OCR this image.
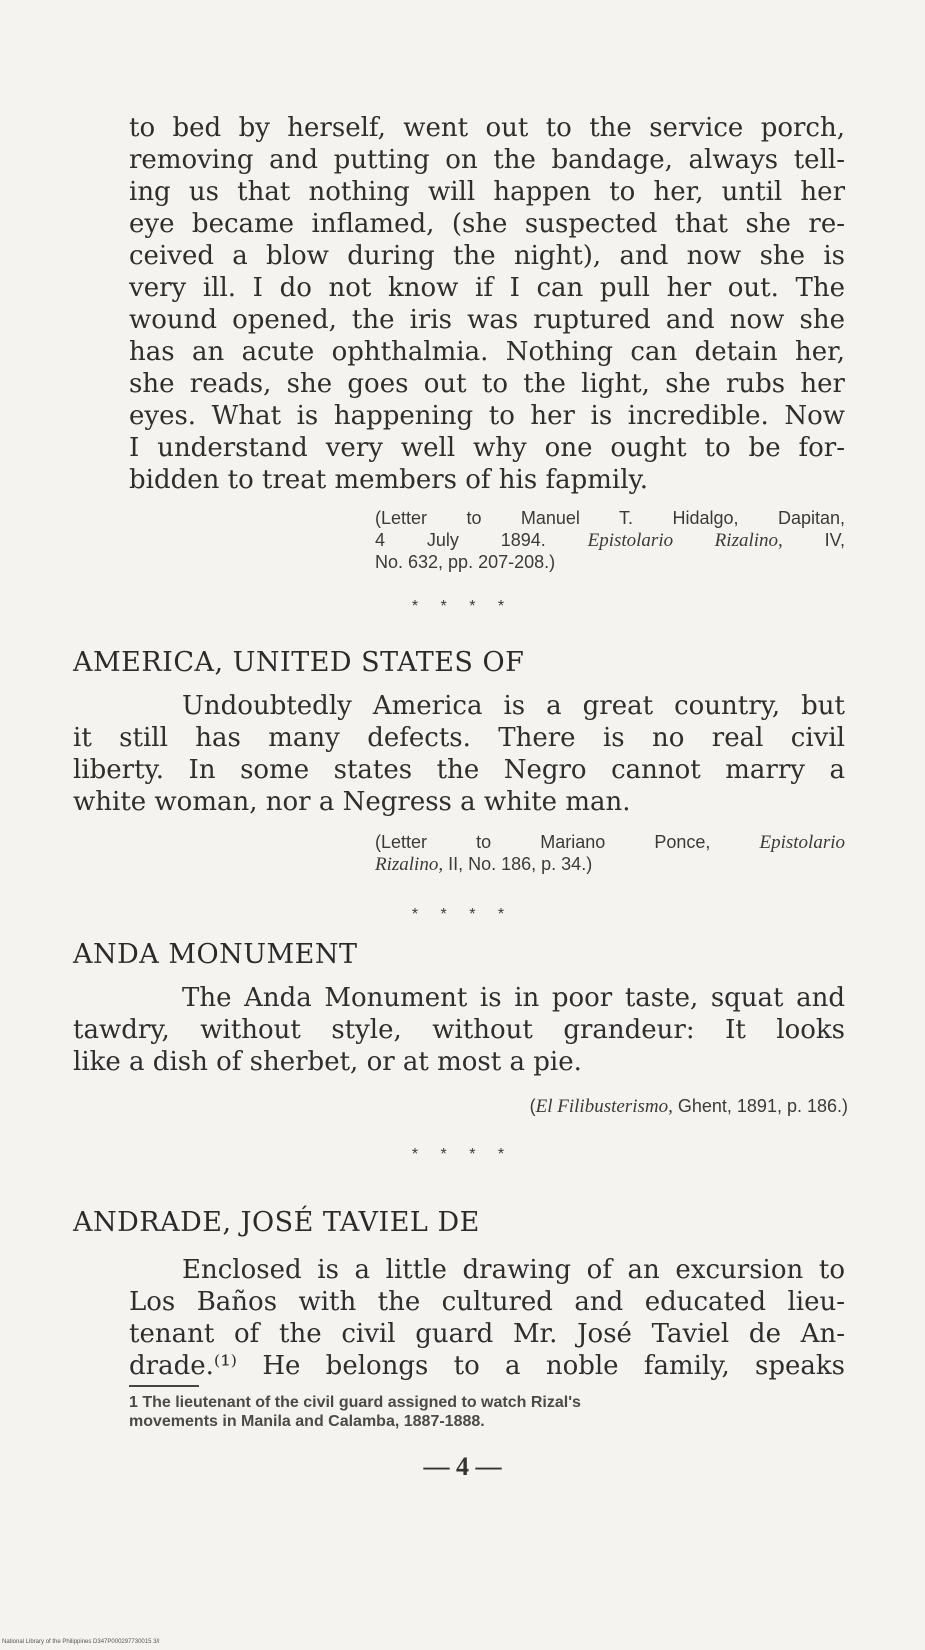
to bed by herself, went out to the service porch,
removing and putting on the bandage, always tell-
ing us that nothing will happen to her, until her
eye became inflamed, (she suspected that she re-
ceived a blow during the night), and now she is
very ill. I do not know if I can pull her out. The
wound opened, the iris was ruptured and now she
has an acute ophthalmia. Nothing can detain her,
she reads, she goes out to the light, she rubs her
eyes. What is happening to her is incredible. Now
I understand very well why one ought to be for-
bidden to treat members of his fapmily.
(Letter to Manuel T. Hidalgo, Dapitan,
4 July 1894. Epistolario Rizalino, IV,
No. 632, pp. 207-208.)
* * * *
AMERICA, UNITED STATES OF
Undoubtedly America is a great country, but
it still has many defects. There is no real civil
liberty. In some states the Negro cannot marry a
white woman, nor a Negress a white man.
(Letter to Mariano Ponce,	Epistolario
Rizalino, II, No. 186, p. 34.)
* * * *
ANDA MONUMENT
The Anda Monument is in poor taste, squat and
tawdry, without style, without grandeur: It looks
like a dish of sherbet, or at most a pie.
(El Filibusterismo, Ghent, 1891, p. 186.)
* * * *
ANDRADE, JOSÉ TAVIEL DE
Enclosed is a little drawing of an excursion to
Los Baños with the cultured and educated lieu-
tenant of the civil guard Mr. José Taviel de An-
drade.⁽¹⁾ He belongs to a noble family, speaks
1 The lieutenant of the civil guard assigned to watch Rizal's
movements in Manila and Calamba, 1887-1888.
— 4 —
National Library of the Philippines D347P000297730015 3/l
